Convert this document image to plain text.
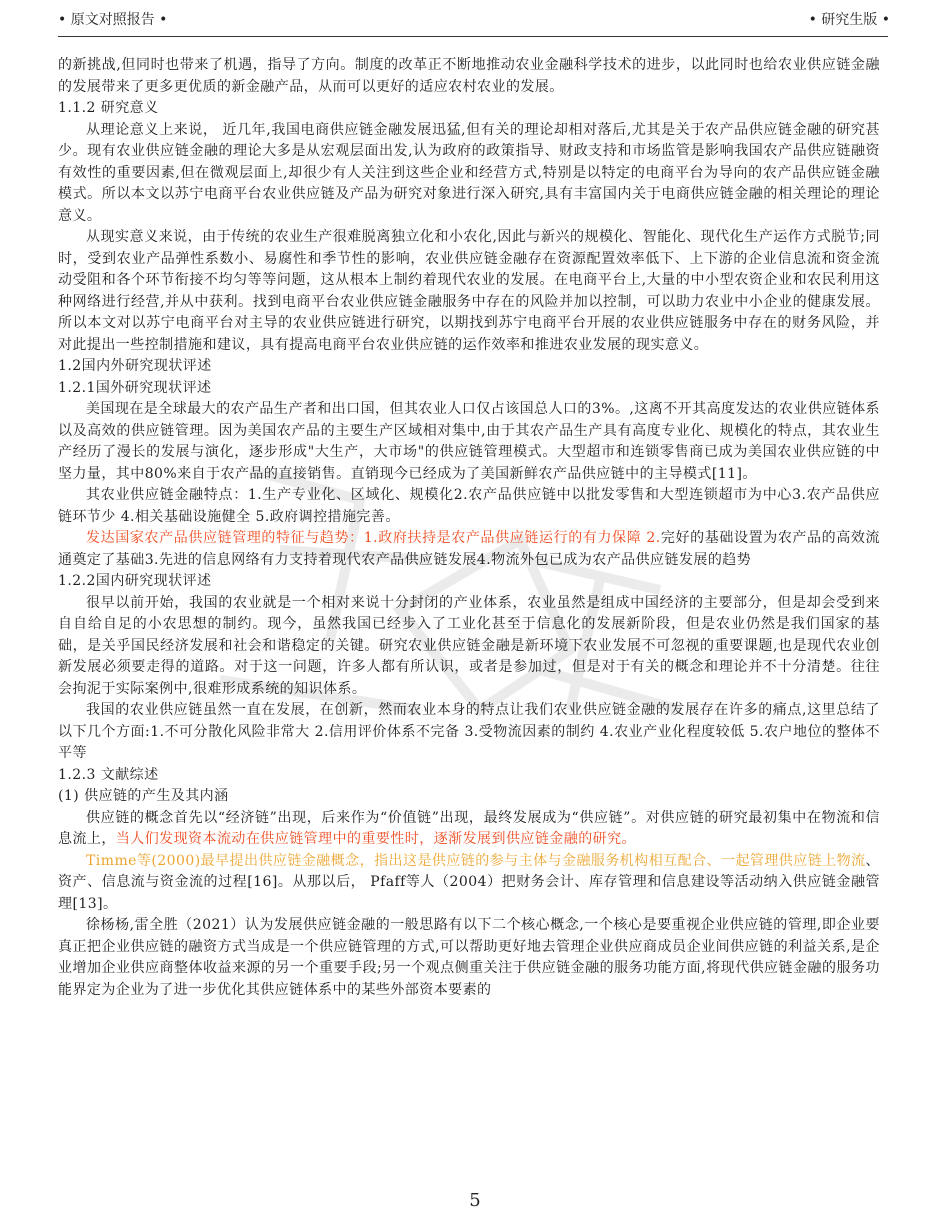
• 原文对照报告 •	• 研究生版 •

的新挑战,但同时也带来了机遇，指导了方向。制度的改革正不断地推动农业金融科学技术的进步，以此同时也给农业供应链金融的发展带来了更多更优质的新金融产品，从而可以更好的适应农村农业的发展。

1.1.2 研究意义

从理论意义上来说， 近几年,我国电商供应链金融发展迅猛,但有关的理论却相对落后,尤其是关于农产品供应链金融的研究甚少。现有农业供应链金融的理论大多是从宏观层面出发,认为政府的政策指导、财政支持和市场监管是影响我国农产品供应链融资有效性的重要因素,但在微观层面上,却很少有人关注到这些企业和经营方式,特别是以特定的电商平台为导向的农产品供应链金融模式。所以本文以苏宁电商平台农业供应链及产品为研究对象进行深入研究,具有丰富国内关于电商供应链金融的相关理论的理论意义。

从现实意义来说，由于传统的农业生产很难脱离独立化和小农化,因此与新兴的规模化、智能化、现代化生产运作方式脱节;同时，受到农业产品弹性系数小、易腐性和季节性的影响，农业供应链金融存在资源配置效率低下、上下游的企业信息流和资金流动受阻和各个环节衔接不均匀等等问题，这从根本上制约着现代农业的发展。在电商平台上,大量的中小型农资企业和农民利用这种网络进行经营,并从中获利。找到电商平台农业供应链金融服务中存在的风险并加以控制，可以助力农业中小企业的健康发展。所以本文对以苏宁电商平台对主导的农业供应链进行研究，以期找到苏宁电商平台开展的农业供应链服务中存在的财务风险，并对此提出一些控制措施和建议，具有提高电商平台农业供应链的运作效率和推进农业发展的现实意义。

1.2国内外研究现状评述

1.2.1国外研究现状评述

美国现在是全球最大的农产品生产者和出口国，但其农业人口仅占该国总人口的3%。,这离不开其高度发达的农业供应链体系以及高效的供应链管理。因为美国农产品的主要生产区域相对集中,由于其农产品生产具有高度专业化、规模化的特点，其农业生产经历了漫长的发展与演化，逐步形成"大生产，大市场"的供应链管理模式。大型超市和连锁零售商已成为美国农业供应链的中坚力量，其中80%来自于农产品的直接销售。直销现今已经成为了美国新鲜农产品供应链中的主导模式[11]。

其农业供应链金融特点：1.生产专业化、区域化、规模化2.农产品供应链中以批发零售和大型连锁超市为中心3.农产品供应链环节少 4.相关基础设施健全 5.政府调控措施完善。

发达国家农产品供应链管理的特征与趋势：1.政府扶持是农产品供应链运行的有力保障 2.完好的基础设置为农产品的高效流通奠定了基础3.先进的信息网络有力支持着现代农产品供应链发展4.物流外包已成为农产品供应链发展的趋势

1.2.2国内研究现状评述

很早以前开始，我国的农业就是一个相对来说十分封闭的产业体系，农业虽然是组成中国经济的主要部分，但是却会受到来自自给自足的小农思想的制约。现今，虽然我国已经步入了工业化甚至于信息化的发展新阶段，但是农业仍然是我们国家的基础，是关乎国民经济发展和社会和谐稳定的关键。研究农业供应链金融是新环境下农业发展不可忽视的重要课题,也是现代农业创新发展必须要走得的道路。对于这一问题，许多人都有所认识，或者是参加过，但是对于有关的概念和理论并不十分清楚。往往会拘泥于实际案例中,很难形成系统的知识体系。

我国的农业供应链虽然一直在发展，在创新，然而农业本身的特点让我们农业供应链金融的发展存在许多的痛点,这里总结了以下几个方面:1.不可分散化风险非常大 2.信用评价体系不完备 3.受物流因素的制约 4.农业产业化程度较低 5.农户地位的整体不平等

1.2.3 文献综述

(1) 供应链的产生及其内涵

供应链的概念首先以“经济链”出现，后来作为“价值链”出现，最终发展成为“供应链”。对供应链的研究最初集中在物流和信息流上，当人们发现资本流动在供应链管理中的重要性时，逐渐发展到供应链金融的研究。

Timme等(2000)最早提出供应链金融概念，指出这是供应链的参与主体与金融服务机构相互配合、一起管理供应链上物流、资产、信息流与资金流的过程[16]。从那以后， Pfaff等人（2004）把财务会计、库存管理和信息建设等活动纳入供应链金融管理[13]。

徐杨杨,雷全胜（2021）认为发展供应链金融的一般思路有以下二个核心概念,一个核心是要重视企业供应链的管理,即企业要真正把企业供应链的融资方式当成是一个供应链管理的方式,可以帮助更好地去管理企业供应商成员企业间供应链的利益关系,是企业增加企业供应商整体收益来源的另一个重要手段;另一个观点侧重关注于供应链金融的服务功能方面,将现代供应链金融的服务功能界定为企业为了进一步优化其供应链体系中的某些外部资本要素的

5
